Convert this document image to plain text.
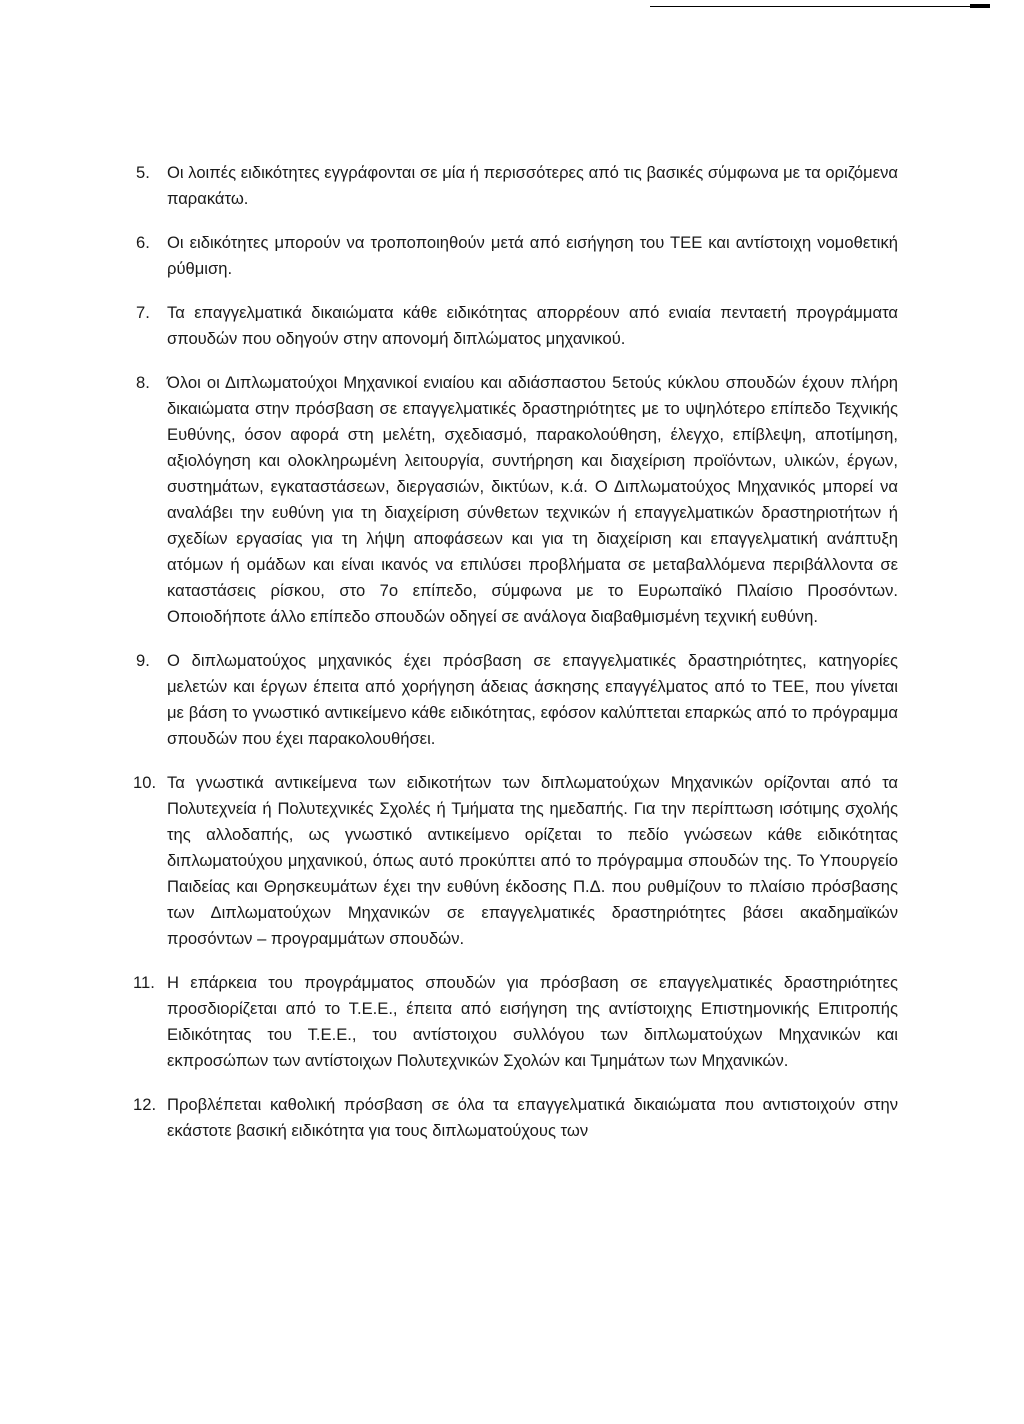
5.	Οι λοιπές ειδικότητες εγγράφονται σε μία ή περισσότερες από τις βασικές σύμφωνα με τα οριζόμενα παρακάτω.

6.	Οι ειδικότητες μπορούν να τροποποιηθούν μετά από εισήγηση του ΤΕΕ και αντίστοιχη νομοθετική ρύθμιση.

7.	Τα επαγγελματικά δικαιώματα κάθε ειδικότητας απορρέουν από ενιαία πενταετή προγράμματα σπουδών που οδηγούν στην απονομή διπλώματος μηχανικού.

8.	Όλοι οι Διπλωματούχοι Μηχανικοί ενιαίου και αδιάσπαστου 5ετούς κύκλου σπουδών έχουν πλήρη δικαιώματα στην πρόσβαση σε επαγγελματικές δραστηριότητες με το υψηλότερο επίπεδο Τεχνικής Ευθύνης, όσον αφορά στη μελέτη, σχεδιασμό, παρακολούθηση, έλεγχο, επίβλεψη, αποτίμηση, αξιολόγηση και ολοκληρωμένη λειτουργία, συντήρηση και διαχείριση προϊόντων, υλικών, έργων, συστημάτων, εγκαταστάσεων, διεργασιών, δικτύων, κ.ά. Ο Διπλωματούχος Μηχανικός μπορεί να αναλάβει την ευθύνη για τη διαχείριση σύνθετων τεχνικών ή επαγγελματικών δραστηριοτήτων ή σχεδίων εργασίας για τη λήψη αποφάσεων και για τη διαχείριση και επαγγελματική ανάπτυξη ατόμων ή ομάδων και είναι ικανός να επιλύσει προβλήματα σε μεταβαλλόμενα περιβάλλοντα σε καταστάσεις ρίσκου, στο 7ο επίπεδο, σύμφωνα με το Ευρωπαϊκό Πλαίσιο Προσόντων. Οποιοδήποτε άλλο επίπεδο σπουδών οδηγεί σε ανάλογα διαβαθμισμένη τεχνική ευθύνη.

9.	Ο διπλωματούχος μηχανικός έχει πρόσβαση σε επαγγελματικές δραστηριότητες, κατηγορίες μελετών και έργων έπειτα από χορήγηση άδειας άσκησης επαγγέλματος από το ΤΕΕ, που γίνεται με βάση το γνωστικό αντικείμενο κάθε ειδικότητας, εφόσον καλύπτεται επαρκώς από το πρόγραμμα σπουδών που έχει παρακολουθήσει.

10. Τα γνωστικά αντικείμενα των ειδικοτήτων των διπλωματούχων Μηχανικών ορίζονται από τα Πολυτεχνεία ή Πολυτεχνικές Σχολές ή Τμήματα της ημεδαπής. Για την περίπτωση ισότιμης σχολής της αλλοδαπής, ως γνωστικό αντικείμενο ορίζεται το πεδίο γνώσεων κάθε ειδικότητας διπλωματούχου μηχανικού, όπως αυτό προκύπτει από το πρόγραμμα σπουδών της. Το Υπουργείο Παιδείας και Θρησκευμάτων έχει την ευθύνη έκδοσης Π.Δ. που ρυθμίζουν το πλαίσιο πρόσβασης των Διπλωματούχων Μηχανικών σε επαγγελματικές δραστηριότητες βάσει ακαδημαϊκών προσόντων – προγραμμάτων σπουδών.

11. Η επάρκεια του προγράμματος σπουδών για πρόσβαση σε επαγγελματικές δραστηριότητες προσδιορίζεται από το Τ.Ε.Ε., έπειτα από εισήγηση της αντίστοιχης Επιστημονικής Επιτροπής Ειδικότητας του Τ.Ε.Ε., του αντίστοιχου συλλόγου των διπλωματούχων Μηχανικών και εκπροσώπων των αντίστοιχων Πολυτεχνικών Σχολών και Τμημάτων των Μηχανικών.

12. Προβλέπεται καθολική πρόσβαση σε όλα τα επαγγελματικά δικαιώματα που αντιστοιχούν στην εκάστοτε βασική ειδικότητα για τους διπλωματούχους των
